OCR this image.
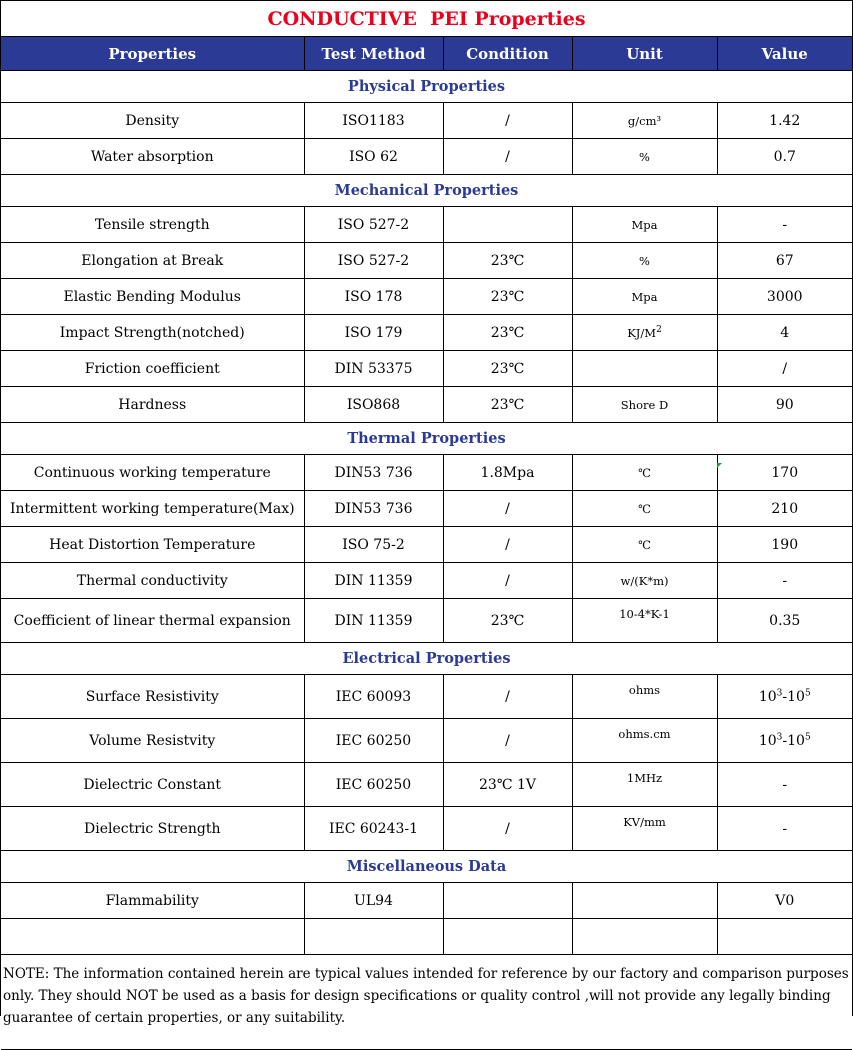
CONDUCTIVE  PEI Properties
Properties	Test Method	Condition	Unit	Value
Physical Properties				
Density	ISO1183	/	g/cm³	1.42
Water absorption	ISO 62	/	%	0.7
Mechanical Properties				
Tensile strength	ISO 527-2		Mpa	-
Elongation at Break	ISO 527-2	23℃	%	67
Elastic Bending Modulus	ISO 178	23℃	Mpa	3000
Impact Strength(notched)	ISO 179	23℃	$KJ/M^2$	4
Friction coefficient	DIN 53375	23℃		/
Hardness	ISO868	23℃	Shore D	90
Thermal Properties				
Continuous working temperature	DIN53 736	1.8Mpa	℃	170
Intermittent working temperature(Max)	DIN53 736	/	℃	210
Heat Distortion Temperature	ISO 75-2	/	℃	190
Thermal conductivity	DIN 11359	/	w/(K*m)	-
Coefficient of linear thermal expansion	DIN 11359	23℃	10-4*K-1	0.35
Electrical Properties				
Surface Resistivity	IEC 60093	/	ohms	$10^3-10^5$
Volume Resistvity	IEC 60250	/	ohms.cm	$10^3-10^5$
Dielectric Constant	IEC 60250	23℃ 1V	1MHz	-
Dielectric Strength	IEC 60243-1	/	KV/mm	-
Miscellaneous Data				
Flammability	UL94			V0

NOTE: The information contained herein are typical values intended for reference by our factory and comparison purposes only. They should NOT be used as a basis for design specifications or quality control ,will not provide any legally binding guarantee of certain properties, or any suitability.				
